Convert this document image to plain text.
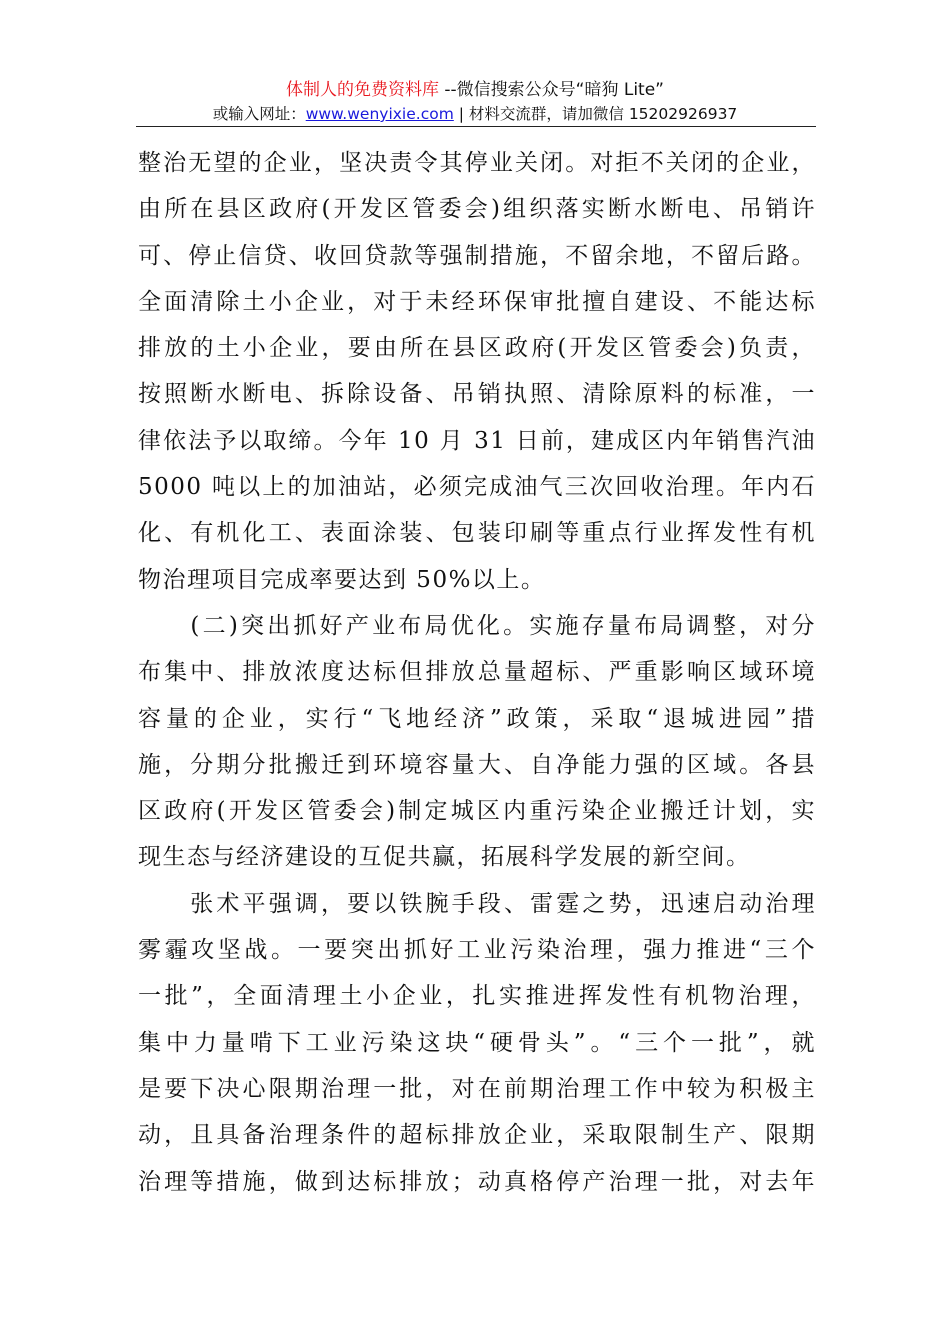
体制人的免费资料库 --微信搜索公众号“暗狗 Lite”
或输入网址：www.wenyixie.com | 材料交流群，请加微信 15202926937
整治无望的企业，坚决责令其停业关闭。对拒不关闭的企业，
由所在县区政府(开发区管委会)组织落实断水断电、吊销许
可、停止信贷、收回贷款等强制措施，不留余地，不留后路。
全面清除土小企业，对于未经环保审批擅自建设、不能达标
排放的土小企业，要由所在县区政府(开发区管委会)负责，
按照断水断电、拆除设备、吊销执照、清除原料的标准，一
律依法予以取缔。今年 10 月 31 日前，建成区内年销售汽油
5000 吨以上的加油站，必须完成油气三次回收治理。年内石
化、有机化工、表面涂装、包装印刷等重点行业挥发性有机
物治理项目完成率要达到 50%以上。
　　(二)突出抓好产业布局优化。实施存量布局调整，对分
布集中、排放浓度达标但排放总量超标、严重影响区域环境
容量的企业，实行“飞地经济”政策，采取“退城进园”措
施，分期分批搬迁到环境容量大、自净能力强的区域。各县
区政府(开发区管委会)制定城区内重污染企业搬迁计划，实
现生态与经济建设的互促共赢，拓展科学发展的新空间。
　　张术平强调，要以铁腕手段、雷霆之势，迅速启动治理
雾霾攻坚战。一要突出抓好工业污染治理，强力推进“三个
一批”，全面清理土小企业，扎实推进挥发性有机物治理，
集中力量啃下工业污染这块“硬骨头”。“三个一批”，就
是要下决心限期治理一批，对在前期治理工作中较为积极主
动，且具备治理条件的超标排放企业，采取限制生产、限期
治理等措施，做到达标排放；动真格停产治理一批，对去年
